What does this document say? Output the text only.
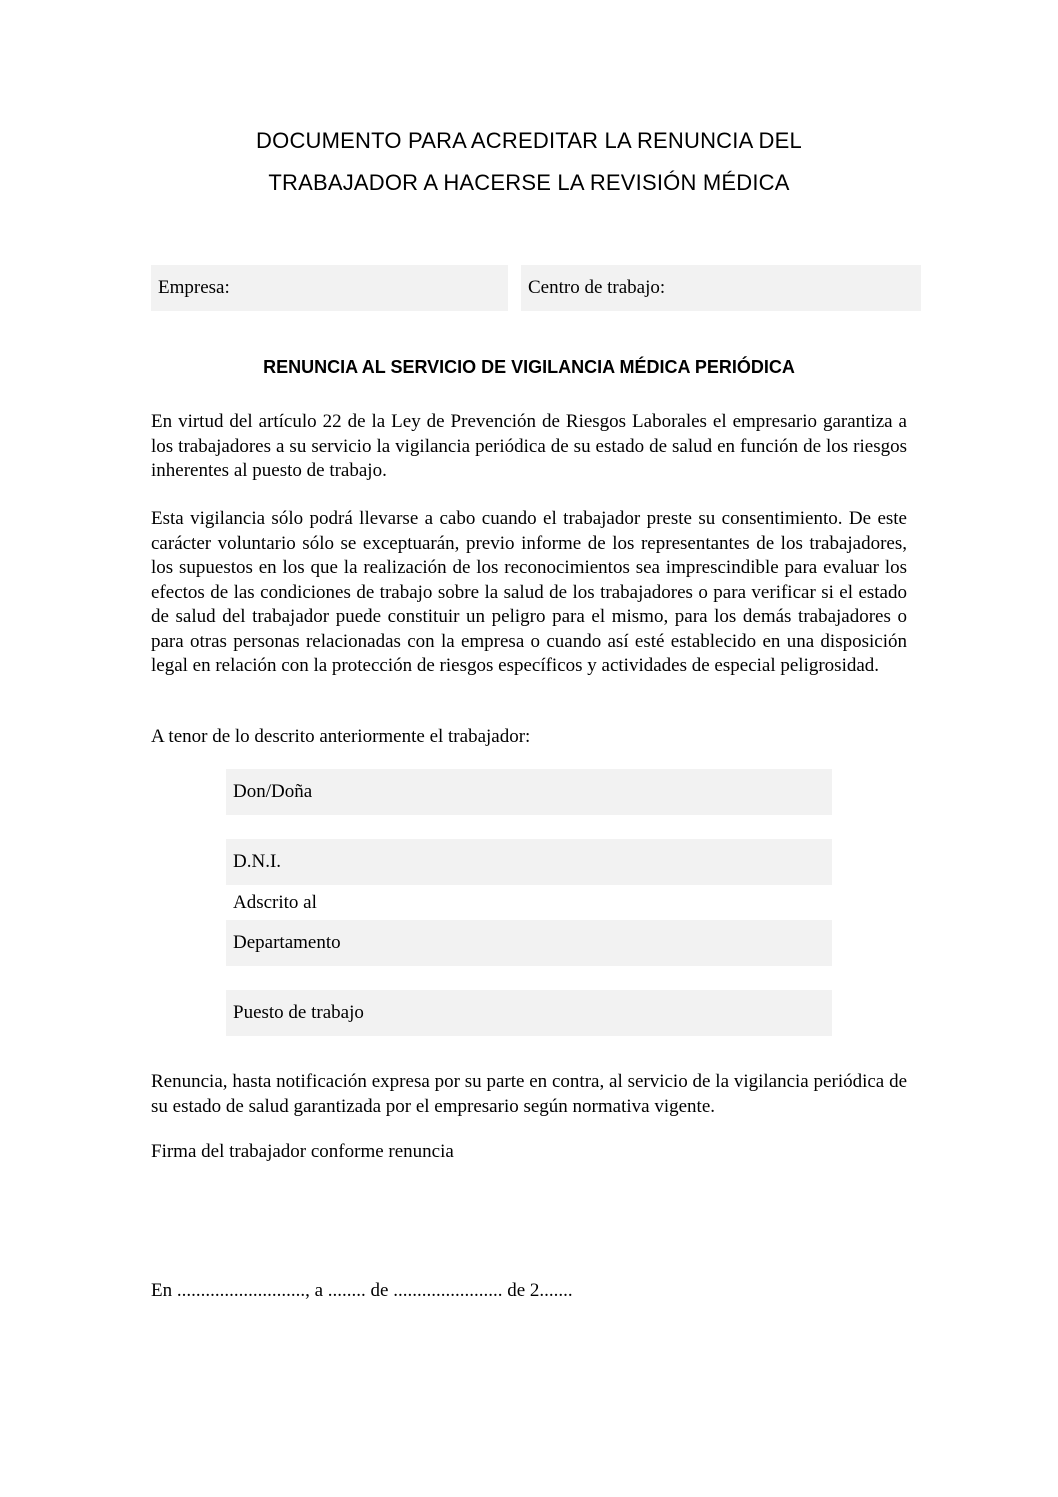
DOCUMENTO PARA ACREDITAR LA RENUNCIA DEL
TRABAJADOR A HACERSE LA REVISIÓN MÉDICA
Empresa:	Centro de trabajo:
RENUNCIA AL SERVICIO DE VIGILANCIA MÉDICA PERIÓDICA

En virtud del artículo 22 de la Ley de Prevención de Riesgos Laborales el empresario garantiza a los trabajadores a su servicio la vigilancia periódica de su estado de salud en función de los riesgos inherentes al puesto de trabajo.

Esta vigilancia sólo podrá llevarse a cabo cuando el trabajador preste su consentimiento. De este carácter voluntario sólo se exceptuarán, previo informe de los representantes de los trabajadores, los supuestos en los que la realización de los reconocimientos sea imprescindible para evaluar los efectos de las condiciones de trabajo sobre la salud de los trabajadores o para verificar si el estado de salud del trabajador puede constituir un peligro para el mismo, para los demás trabajadores o para otras personas relacionadas con la empresa o cuando así esté establecido en una disposición legal en relación con la protección de riesgos específicos y actividades de especial peligrosidad.

A tenor de lo descrito anteriormente el trabajador:
Don/Doña
D.N.I.
Adscrito al
Departamento
Puesto de trabajo

Renuncia, hasta notificación expresa por su parte en contra, al servicio de la vigilancia periódica de su estado de salud garantizada por el empresario según normativa vigente.

Firma del trabajador conforme renuncia
En ..........................., a ........ de ....................... de 2.......
